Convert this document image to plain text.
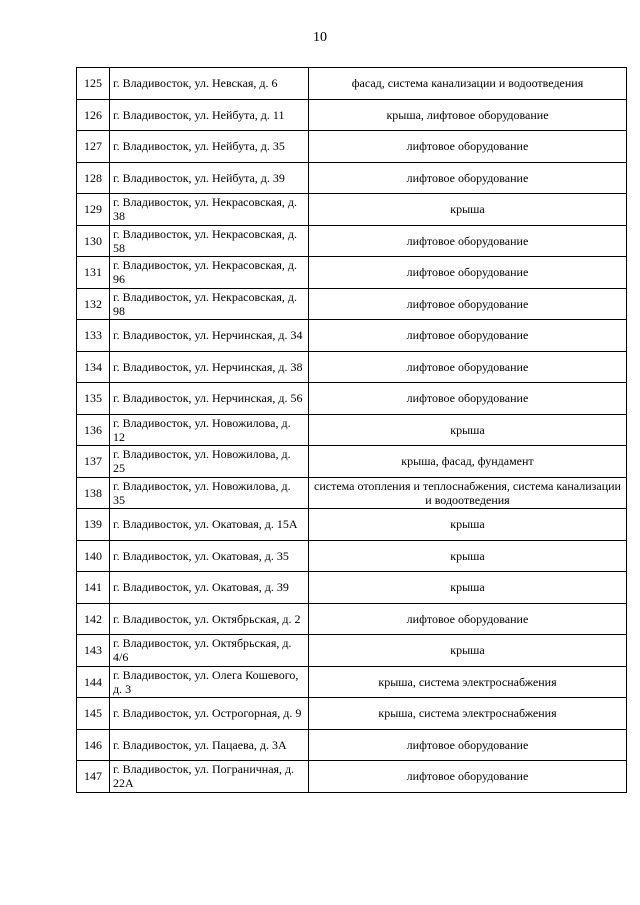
10
125	г. Владивосток, ул. Невская, д. 6	фасад, система канализации и водоотведения
126	г. Владивосток, ул. Нейбута, д. 11	крыша, лифтовое оборудование
127	г. Владивосток, ул. Нейбута, д. 35	лифтовое оборудование
128	г. Владивосток, ул. Нейбута, д. 39	лифтовое оборудование
129	г. Владивосток, ул. Некрасовская, д. 38	крыша
130	г. Владивосток, ул. Некрасовская, д. 58	лифтовое оборудование
131	г. Владивосток, ул. Некрасовская, д. 96	лифтовое оборудование
132	г. Владивосток, ул. Некрасовская, д. 98	лифтовое оборудование
133	г. Владивосток, ул. Нерчинская, д. 34	лифтовое оборудование
134	г. Владивосток, ул. Нерчинская, д. 38	лифтовое оборудование
135	г. Владивосток, ул. Нерчинская, д. 56	лифтовое оборудование
136	г. Владивосток, ул. Новожилова, д. 12	крыша
137	г. Владивосток, ул. Новожилова, д. 25	крыша, фасад, фундамент
138	г. Владивосток, ул. Новожилова, д. 35	система отопления и теплоснабжения, система канализации и водоотведения
139	г. Владивосток, ул. Окатовая, д. 15А	крыша
140	г. Владивосток, ул. Окатовая, д. 35	крыша
141	г. Владивосток, ул. Окатовая, д. 39	крыша
142	г. Владивосток, ул. Октябрьская, д. 2	лифтовое оборудование
143	г. Владивосток, ул. Октябрьская, д. 4/6	крыша
144	г. Владивосток, ул. Олега Кошевого, д. 3	крыша, система электроснабжения
145	г. Владивосток, ул. Острогорная, д. 9	крыша, система электроснабжения
146	г. Владивосток, ул. Пацаева, д. 3А	лифтовое оборудование
147	г. Владивосток, ул. Пограничная, д. 22А	лифтовое оборудование
